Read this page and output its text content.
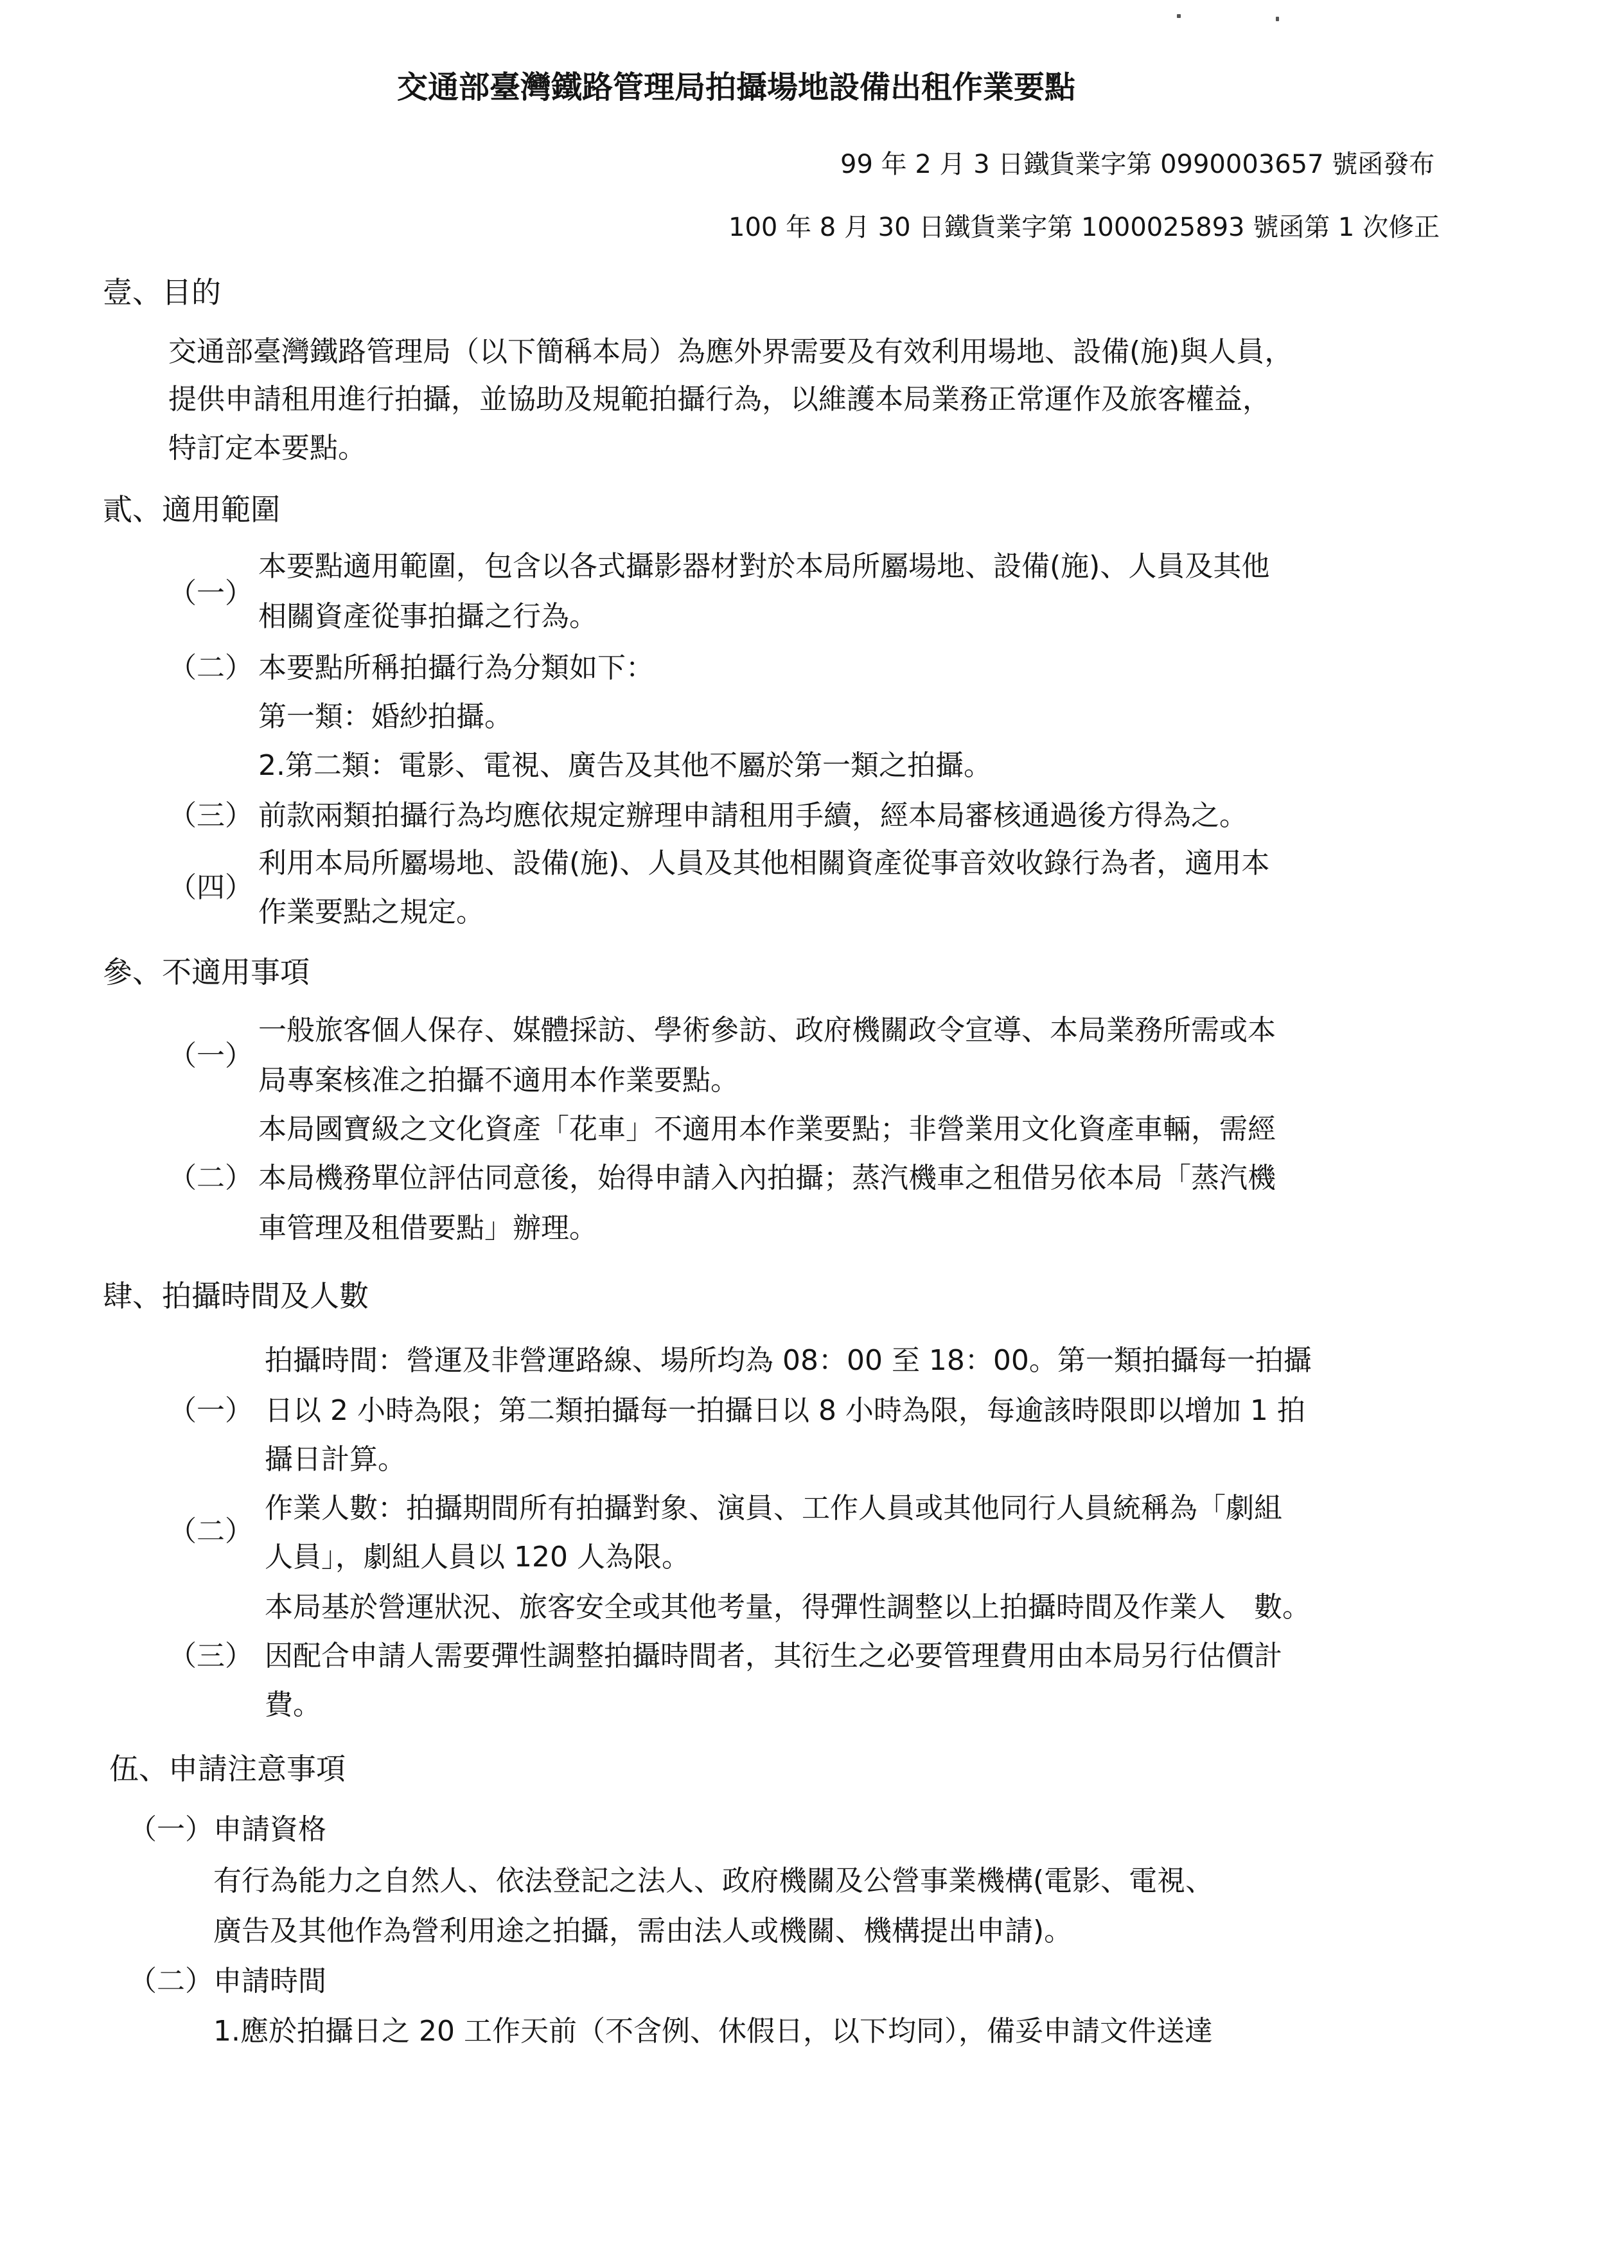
交通部臺灣鐵路管理局拍攝場地設備出租作業要點
99 年 2 月 3 日鐵貨業字第 0990003657 號函發布
100 年 8 月 30 日鐵貨業字第 1000025893 號函第 1 次修正
壹、目的
交通部臺灣鐵路管理局（以下簡稱本局）為應外界需要及有效利用場地、設備(施)與人員，
提供申請租用進行拍攝，並協助及規範拍攝行為，以維護本局業務正常運作及旅客權益，
特訂定本要點。
貳、適用範圍
（一）
本要點適用範圍，包含以各式攝影器材對於本局所屬場地、設備(施)、人員及其他
相關資產從事拍攝之行為。
（二） 本要點所稱拍攝行為分類如下：
第一類：婚紗拍攝。
2.第二類：電影、電視、廣告及其他不屬於第一類之拍攝。
（三） 前款兩類拍攝行為均應依規定辦理申請租用手續，經本局審核通過後方得為之。
（四）
利用本局所屬場地、設備(施)、人員及其他相關資產從事音效收錄行為者，適用本
作業要點之規定。
參、不適用事項
（一）
一般旅客個人保存、媒體採訪、學術參訪、政府機關政令宣導、本局業務所需或本
局專案核准之拍攝不適用本作業要點。
（二）
本局國寶級之文化資產「花車」不適用本作業要點；非營業用文化資產車輛，需經
本局機務單位評估同意後，始得申請入內拍攝；蒸汽機車之租借另依本局「蒸汽機
車管理及租借要點」辦理。
肆、拍攝時間及人數
（一）
拍攝時間：營運及非營運路線、場所均為 08：00 至 18：00。第一類拍攝每一拍攝
日以 2 小時為限；第二類拍攝每一拍攝日以 8 小時為限，每逾該時限即以增加 1 拍
攝日計算。
（二）
作業人數：拍攝期間所有拍攝對象、演員、工作人員或其他同行人員統稱為「劇組
人員」，劇組人員以 120 人為限。
（三）
本局基於營運狀況、旅客安全或其他考量，得彈性調整以上拍攝時間及作業人　數。
因配合申請人需要彈性調整拍攝時間者，其衍生之必要管理費用由本局另行估價計
費。
伍、申請注意事項
（一）申請資格
有行為能力之自然人、依法登記之法人、政府機關及公營事業機構(電影、電視、
廣告及其他作為營利用途之拍攝，需由法人或機關、機構提出申請)。
（二）申請時間
1.應於拍攝日之 20 工作天前（不含例、休假日，以下均同），備妥申請文件送達
